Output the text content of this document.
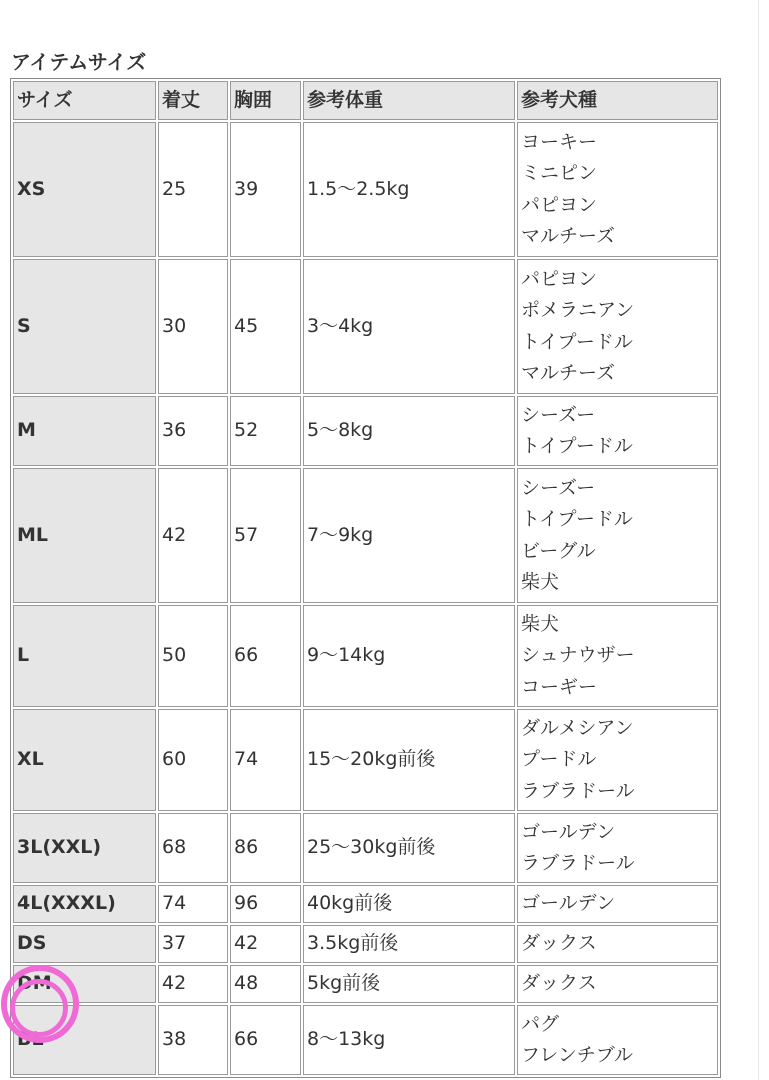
アイテムサイズ
サイズ	着丈	胸囲	参考体重	参考犬種
XS	25	39	1.5〜2.5kg	ヨーキー
ミニピン
パピヨン
マルチーズ

S	30	45	3〜4kg	パピヨン
ポメラニアン
トイプードル
マルチーズ

M	36	52	5〜8kg	シーズー
トイプードル

ML	42	57	7〜9kg	シーズー
トイプードル
ビーグル
柴犬

L	50	66	9〜14kg	柴犬
シュナウザー
コーギー

XL	60	74	15〜20kg前後	ダルメシアン
プードル
ラブラドール

3L(XXL)	68	86	25〜30kg前後	ゴールデン
ラブラドール

4L(XXXL)	74	96	40kg前後	ゴールデン

DS	37	42	3.5kg前後	ダックス

DM	42	48	5kg前後	ダックス

BL	38	66	8〜13kg	パグ
フレンチブル
